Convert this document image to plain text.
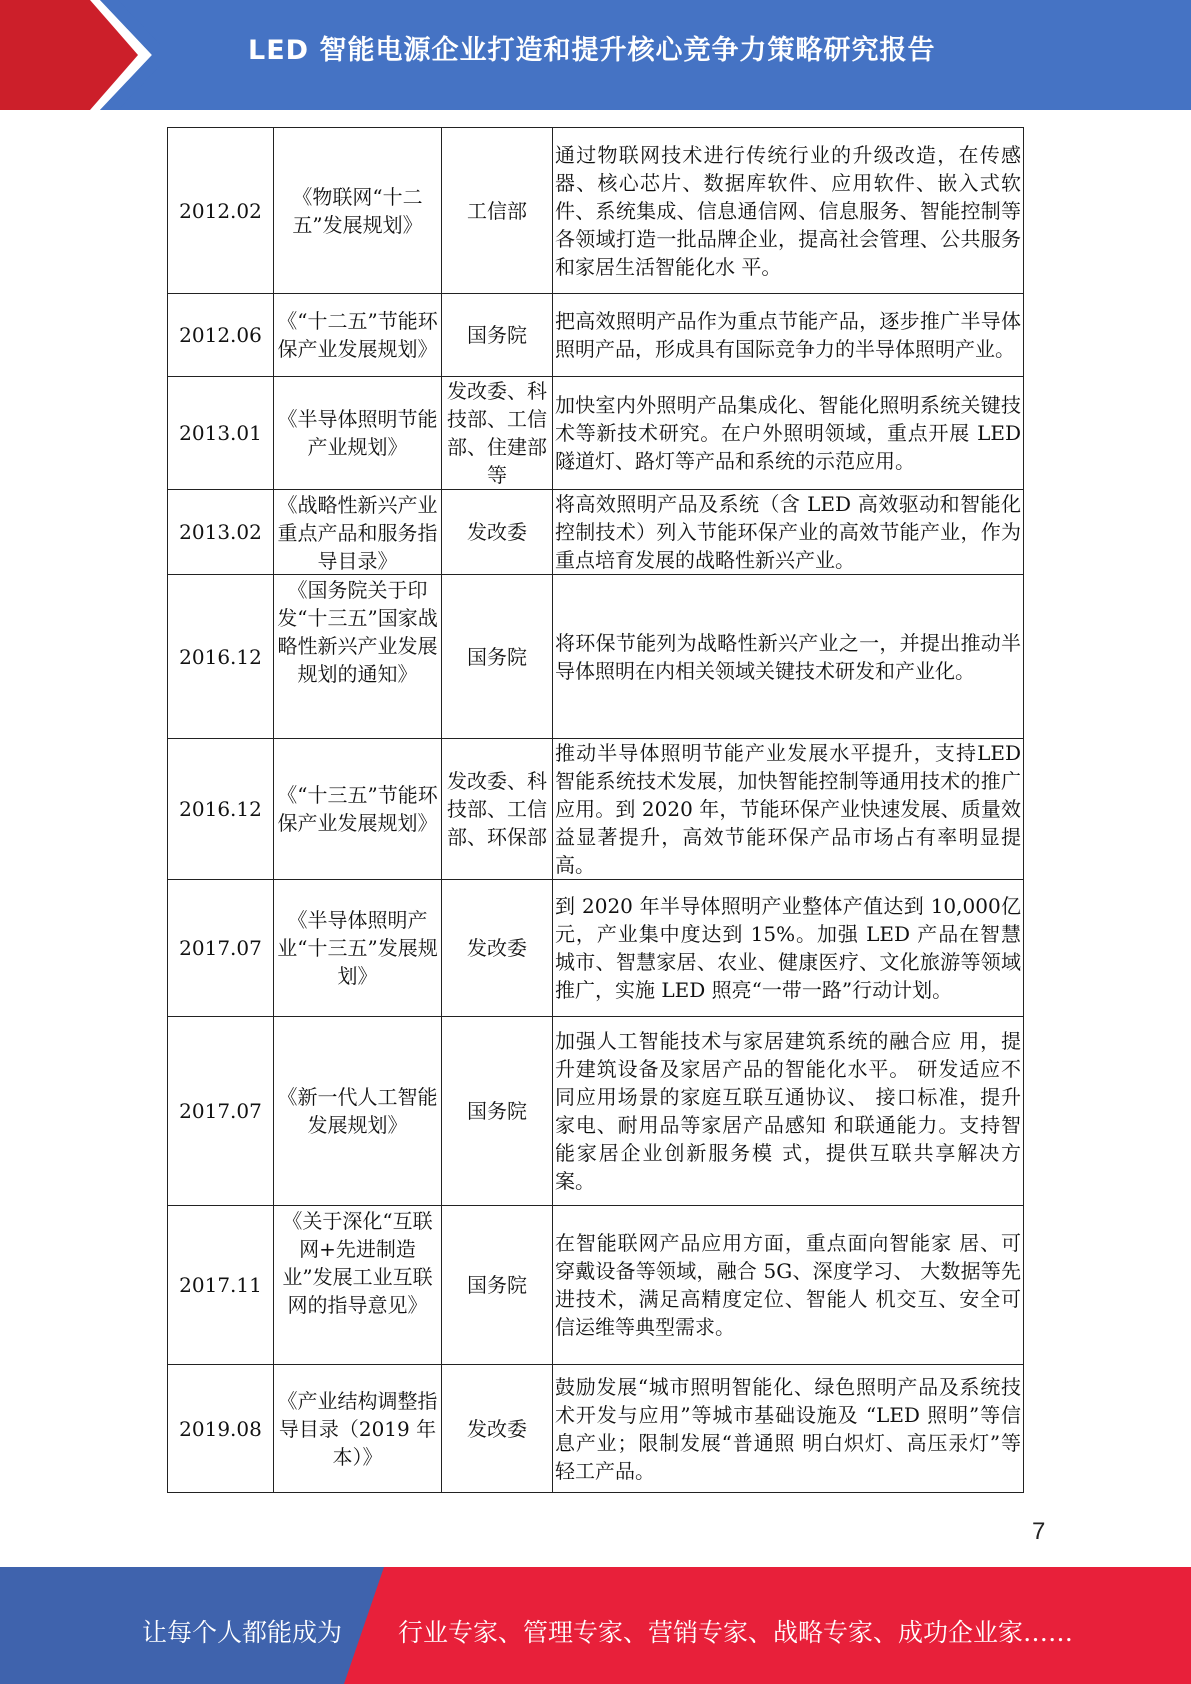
LED 智能电源企业打造和提升核心竞争力策略研究报告
2012.02	《物联网“十二五”发展规划》	工信部	通过物联网技术进行传统行业的升级改造，在传感器、核心芯片、数据库软件、应用软件、嵌入式软件、系统集成、信息通信网、信息服务、智能控制等各领域打造一批品牌企业，提高社会管理、公共服务和家居生活智能化水 平。
2012.06	《“十二五”节能环保产业发展规划》	国务院	把高效照明产品作为重点节能产品，逐步推广半导体照明产品，形成具有国际竞争力的半导体照明产业。
2013.01	《半导体照明节能产业规划》	发改委、科技部、工信部、住建部等	加快室内外照明产品集成化、智能化照明系统关键技术等新技术研究。在户外照明领域，重点开展 LED 隧道灯、路灯等产品和系统的示范应用。
2013.02	《战略性新兴产业重点产品和服务指导目录》	发改委	将高效照明产品及系统（含 LED 高效驱动和智能化控制技术）列入节能环保产业的高效节能产业，作为重点培育发展的战略性新兴产业。
2016.12	《国务院关于印发“十三五”国家战略性新兴产业发展规划的通知》	国务院	将环保节能列为战略性新兴产业之一，并提出推动半导体照明在内相关领域关键技术研发和产业化。
2016.12	《“十三五”节能环保产业发展规划》	发改委、科技部、工信部、环保部	推动半导体照明节能产业发展水平提升，支持LED 智能系统技术发展，加快智能控制等通用技术的推广应用。到 2020 年，节能环保产业快速发展、质量效益显著提升，高效节能环保产品市场占有率明显提高。
2017.07	《半导体照明产业“十三五”发展规划》	发改委	到 2020 年半导体照明产业整体产值达到 10,000亿元，产业集中度达到 15%。加强 LED 产品在智慧城市、智慧家居、农业、健康医疗、文化旅游等领域推广，实施 LED 照亮“一带一路”行动计划。
2017.07	《新一代人工智能发展规划》	国务院	加强人工智能技术与家居建筑系统的融合应 用，提升建筑设备及家居产品的智能化水平。 研发适应不同应用场景的家庭互联互通协议、 接口标准，提升家电、耐用品等家居产品感知 和联通能力。支持智能家居企业创新服务模 式，提供互联共享解决方案。
2017.11	《关于深化“互联网+先进制造业”发展工业互联网的指导意见》	国务院	在智能联网产品应用方面，重点面向智能家 居、可穿戴设备等领域，融合 5G、深度学习、 大数据等先进技术，满足高精度定位、智能人 机交互、安全可信运维等典型需求。
2019.08	《产业结构调整指导目录（2019 年本）》	发改委	鼓励发展“城市照明智能化、绿色照明产品及系统技术开发与应用”等城市基础设施及 “LED 照明”等信息产业；限制发展“普通照 明白炽灯、高压汞灯”等轻工产品。
7
让每个人都能成为 行业专家、管理专家、营销专家、战略专家、成功企业家……
